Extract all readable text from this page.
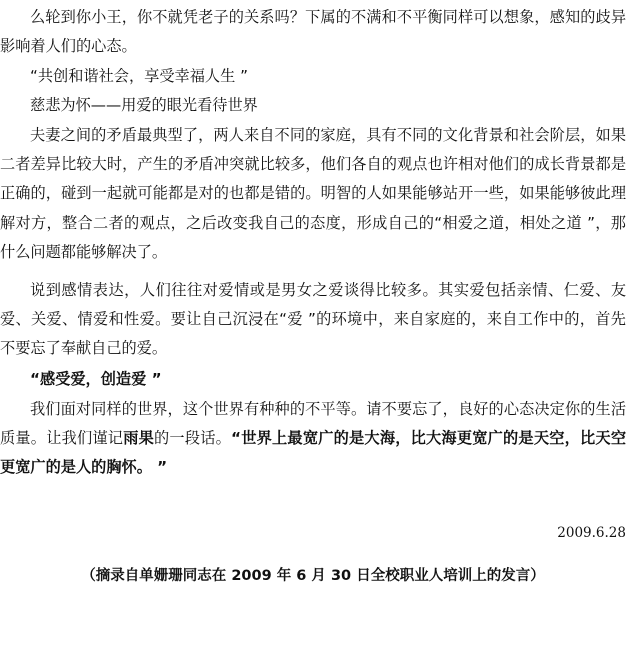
么轮到你小王，你不就凭老子的关系吗？下属的不满和不平衡同样可以想象，感知的歧异影响着人们的心态。

“共创和谐社会，享受幸福人生 ”

慈悲为怀——用爱的眼光看待世界

夫妻之间的矛盾最典型了，两人来自不同的家庭，具有不同的文化背景和社会阶层，如果二者差异比较大时，产生的矛盾冲突就比较多，他们各自的观点也许相对他们的成长背景都是正确的，碰到一起就可能都是对的也都是错的。明智的人如果能够站开一些，如果能够彼此理解对方，整合二者的观点，之后改变我自己的态度，形成自己的“相爱之道，相处之道 ”，那什么问题都能够解决了。

说到感情表达，人们往往对爱情或是男女之爱谈得比较多。其实爱包括亲情、仁爱、友爱、关爱、情爱和性爱。要让自己沉浸在“爱 ”的环境中，来自家庭的，来自工作中的，首先不要忘了奉献自己的爱。

“感受爱，创造爱 ”

我们面对同样的世界，这个世界有种种的不平等。请不要忘了，良好的心态决定你的生活质量。让我们谨记雨果的一段话。“世界上最宽广的是大海，比大海更宽广的是天空，比天空更宽广的是人的胸怀。 ”

2009.6.28
（摘录自单姗珊同志在 2009 年 6 月 30 日全校职业人培训上的发言）
